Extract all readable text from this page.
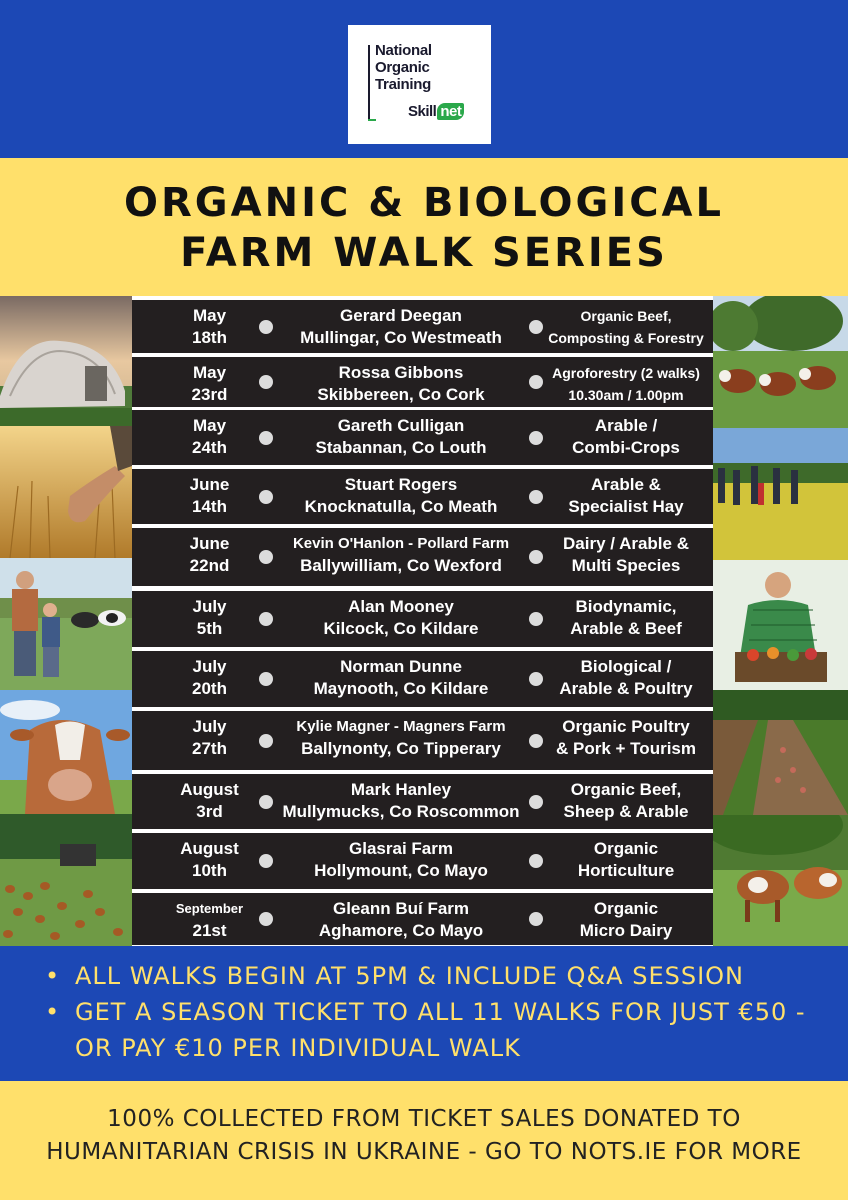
National
Organic
Training
Skill net
ORGANIC & BIOLOGICAL
FARM WALK SERIES
May
18th
Gerard Deegan
Mullingar, Co Westmeath
Organic Beef,
Composting & Forestry
May
23rd
Rossa Gibbons
Skibbereen, Co Cork
Agroforestry (2 walks)
10.30am / 1.00pm
May
24th
Gareth Culligan
Stabannan, Co Louth
Arable /
Combi-Crops
June
14th
Stuart Rogers
Knocknatulla, Co Meath
Arable &
Specialist Hay
June
22nd
Kevin O'Hanlon - Pollard Farm
Ballywilliam, Co Wexford
Dairy / Arable &
Multi Species
July
5th
Alan Mooney
Kilcock, Co Kildare
Biodynamic,
Arable & Beef
July
20th
Norman Dunne
Maynooth, Co Kildare
Biological /
Arable & Poultry
July
27th
Kylie Magner - Magners Farm
Ballynonty, Co Tipperary
Organic Poultry
& Pork + Tourism
August
3rd
Mark Hanley
Mullymucks, Co Roscommon
Organic Beef,
Sheep & Arable
August
10th
Glasrai Farm
Hollymount, Co Mayo
Organic
Horticulture
September
21st
Gleann Buí Farm
Aghamore, Co Mayo
Organic
Micro Dairy
• ALL WALKS BEGIN AT 5PM & INCLUDE Q&A SESSION
• GET A SEASON TICKET TO ALL 11 WALKS FOR JUST €50 - OR PAY €10 PER INDIVIDUAL WALK
100% COLLECTED FROM TICKET SALES DONATED TO
HUMANITARIAN CRISIS IN UKRAINE - GO TO NOTS.IE FOR MORE
